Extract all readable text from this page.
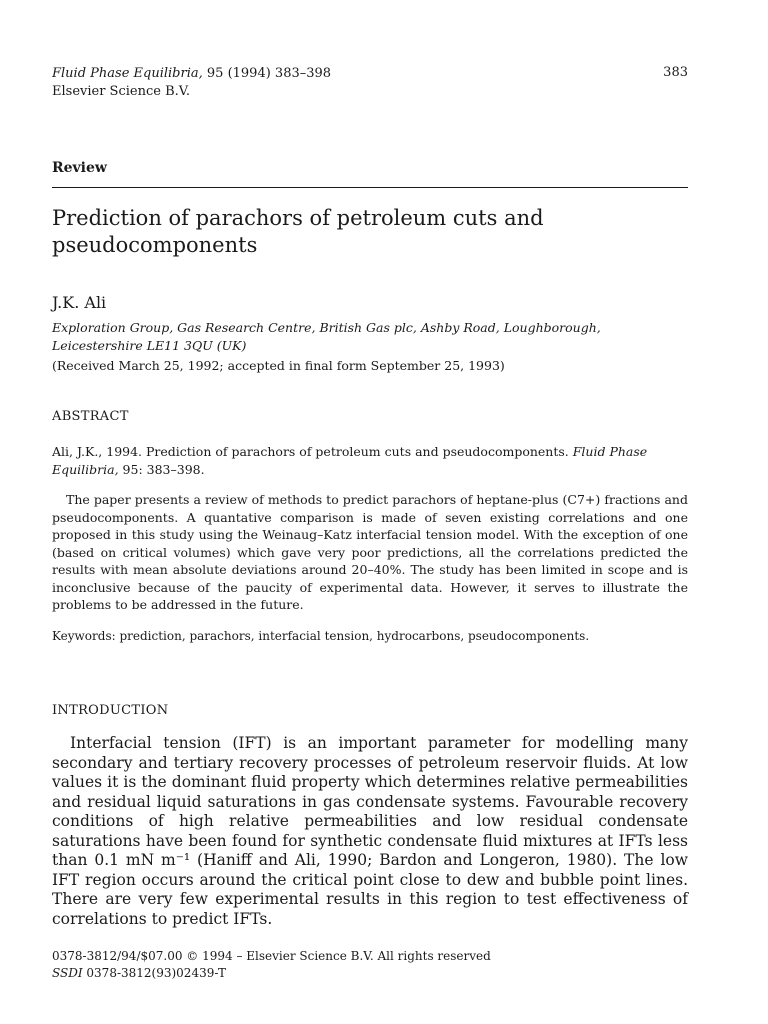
Fluid Phase Equilibria, 95 (1994) 383–398
Elsevier Science B.V.
383
Review
Prediction of parachors of petroleum cuts and pseudocomponents
J.K. Ali
Exploration Group, Gas Research Centre, British Gas plc, Ashby Road, Loughborough,
Leicestershire LE11 3QU (UK)
(Received March 25, 1992; accepted in final form September 25, 1993)
ABSTRACT
Ali, J.K., 1994. Prediction of parachors of petroleum cuts and pseudocomponents. Fluid Phase Equilibria, 95: 383–398.
The paper presents a review of methods to predict parachors of heptane-plus (C7+) fractions and pseudocomponents. A quantative comparison is made of seven existing correlations and one proposed in this study using the Weinaug–Katz interfacial tension model. With the exception of one (based on critical volumes) which gave very poor predictions, all the correlations predicted the results with mean absolute deviations around 20–40%. The study has been limited in scope and is inconclusive because of the paucity of experimental data. However, it serves to illustrate the problems to be addressed in the future.
Keywords: prediction, parachors, interfacial tension, hydrocarbons, pseudocomponents.
INTRODUCTION
Interfacial tension (IFT) is an important parameter for modelling many secondary and tertiary recovery processes of petroleum reservoir fluids. At low values it is the dominant fluid property which determines relative permeabilities and residual liquid saturations in gas condensate systems. Favourable recovery conditions of high relative permeabilities and low residual condensate saturations have been found for synthetic condensate fluid mixtures at IFTs less than 0.1 mN m⁻¹ (Haniff and Ali, 1990; Bardon and Longeron, 1980). The low IFT region occurs around the critical point close to dew and bubble point lines. There are very few experimental results in this region to test effectiveness of correlations to predict IFTs.
0378-3812/94/$07.00 © 1994 – Elsevier Science B.V. All rights reserved
SSDI 0378-3812(93)02439-T
